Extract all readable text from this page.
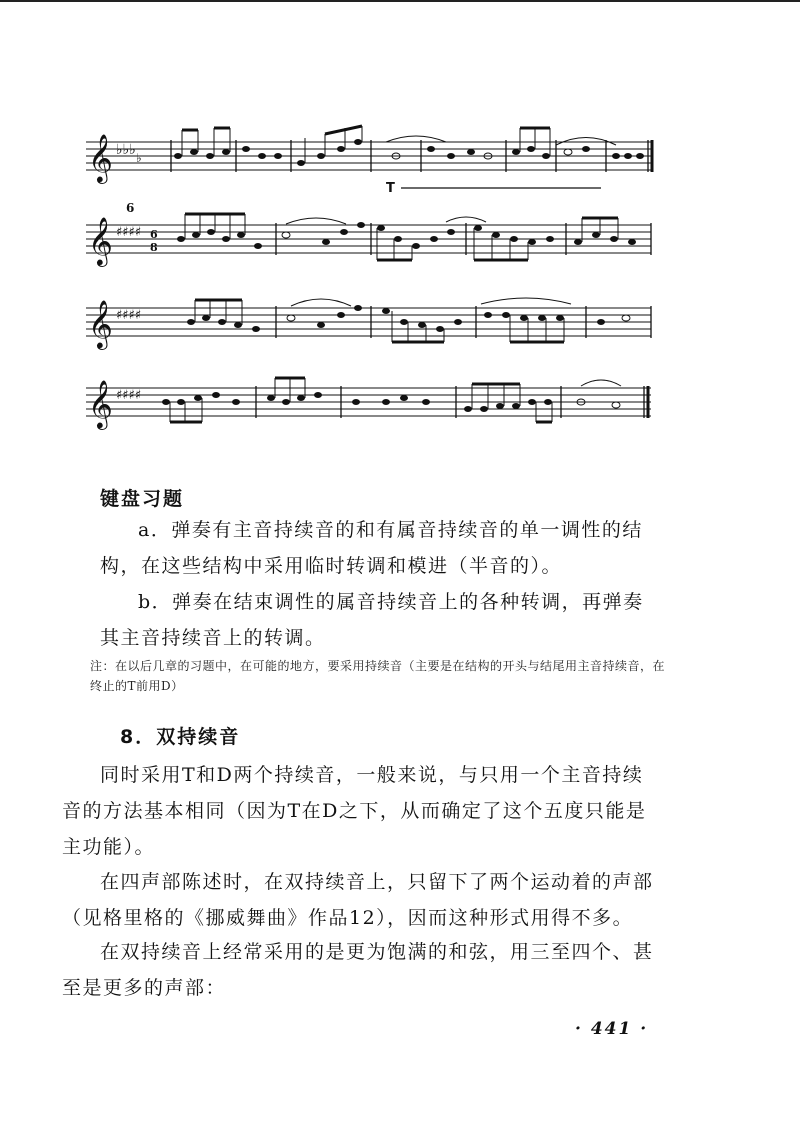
𝄞 ♭♭♭ ♭
T
6
𝄞 ♯♯♯♯ 6
8
𝄞 ♯♯♯♯
𝄞 ♯♯♯♯
键盘习题
a．弹奏有主音持续音的和有属音持续音的单一调性的结构，在这些结构中采用临时转调和模进（半音的）。
b．弹奏在结束调性的属音持续音上的各种转调，再弹奏其主音持续音上的转调。
注：在以后几章的习题中，在可能的地方，要采用持续音（主要是在结构的开头与结尾用主音持续音，在终止的T前用D）
8．双持续音
同时采用T和D两个持续音，一般来说，与只用一个主音持续音的方法基本相同（因为T在D之下，从而确定了这个五度只能是主功能）。
在四声部陈述时，在双持续音上，只留下了两个运动着的声部（见格里格的《挪威舞曲》作品12），因而这种形式用得不多。
在双持续音上经常采用的是更为饱满的和弦，用三至四个、甚至是更多的声部：
· 441 ·
